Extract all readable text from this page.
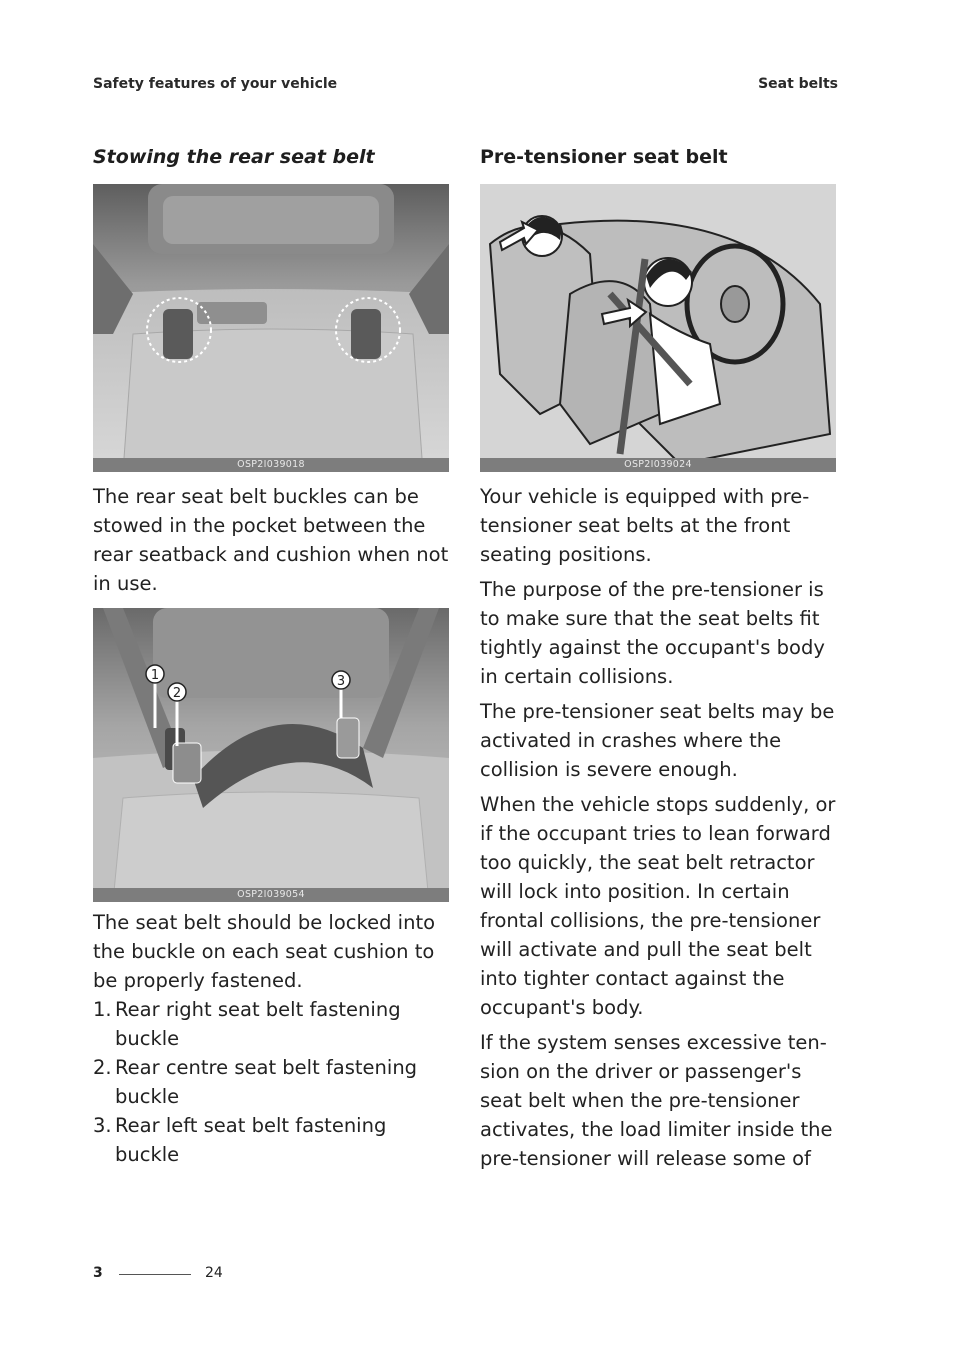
Safety features of your vehicle	Seat belts
Stowing the rear seat belt
OSP2I039018

The rear seat belt buckles can be stowed in the pocket between the rear seatback and cushion when not in use.

1
2
3
OSP2I039054

The seat belt should be locked into the buckle on each seat cushion to be properly fastened.

1. Rear right seat belt fastening buckle
2. Rear centre seat belt fastening buckle
3. Rear left seat belt fastening buckle
Pre-tensioner seat belt
OSP2I039024

Your vehicle is equipped with pre-tensioner seat belts at the front seating positions.

The purpose of the pre-tensioner is to make sure that the seat belts fit tightly against the occupant's body in certain collisions.

The pre-tensioner seat belts may be activated in crashes where the collision is severe enough.

When the vehicle stops suddenly, or if the occupant tries to lean forward too quickly, the seat belt retractor will lock into position. In certain frontal collisions, the pre-tensioner will activate and pull the seat belt into tighter contact against the occupant's body.

If the system senses excessive ten-sion on the driver or passenger's seat belt when the pre-tensioner activates, the load limiter inside the pre-tensioner will release some of

3	24
